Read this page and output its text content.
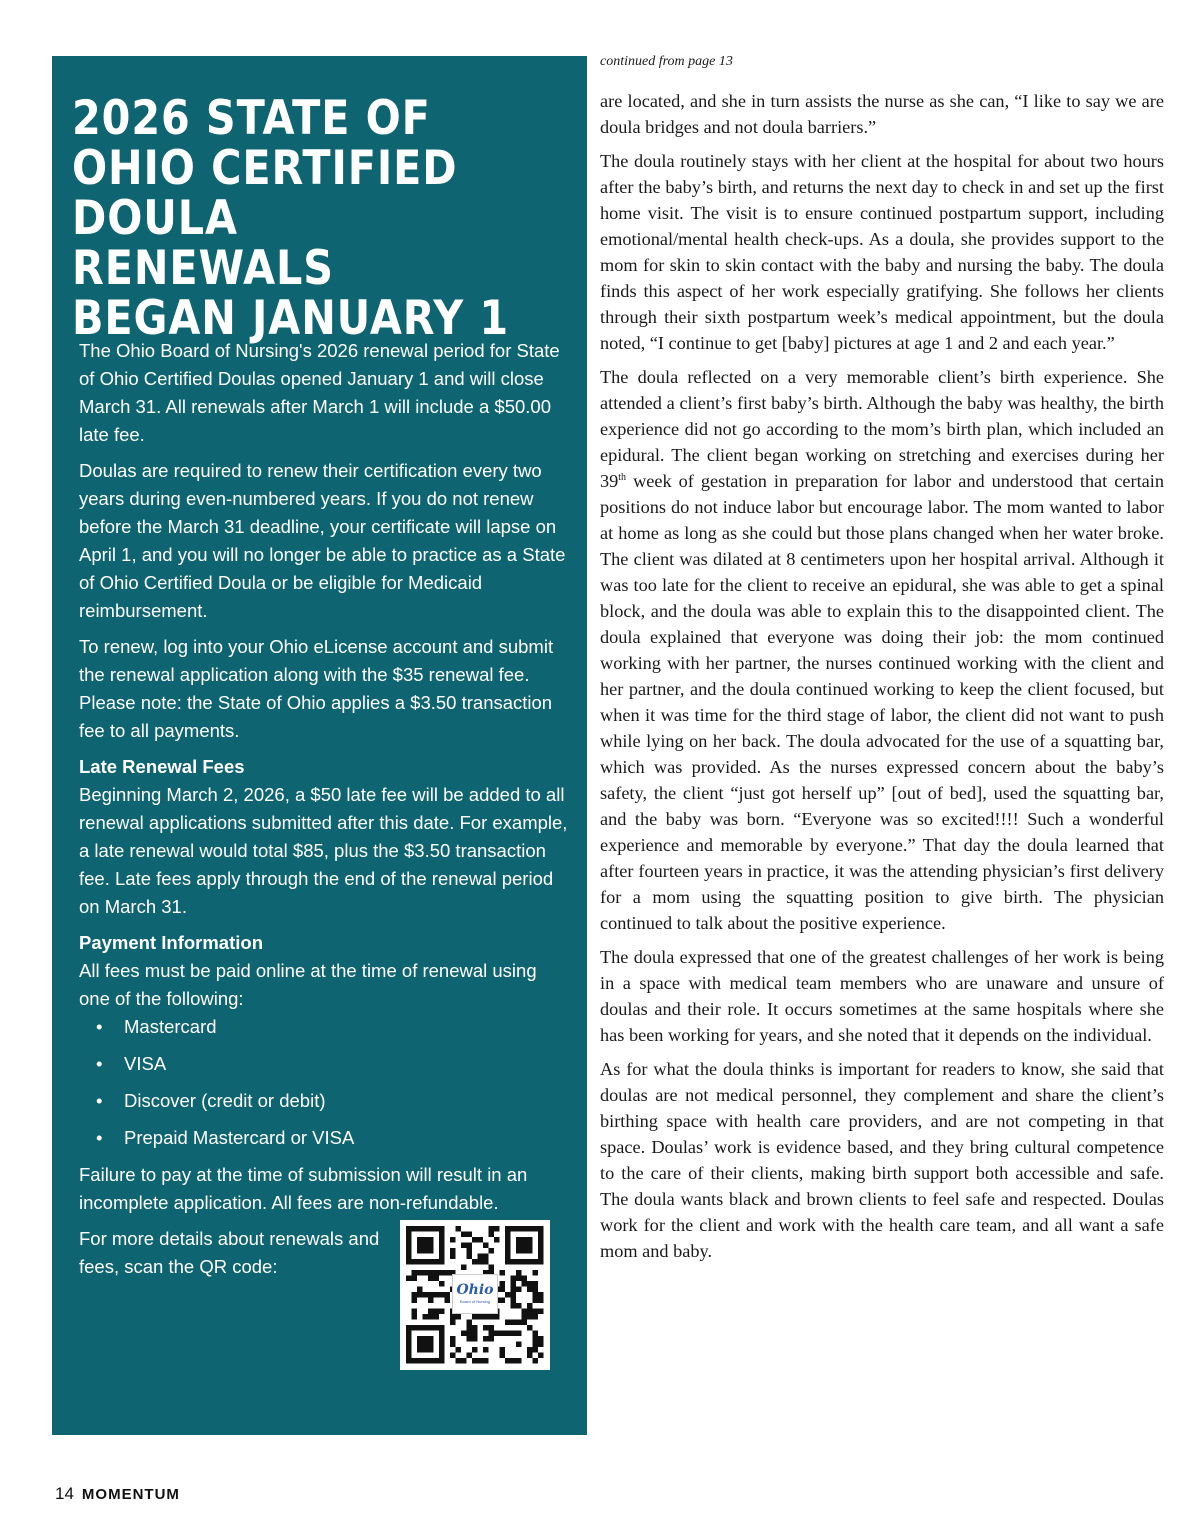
2026 STATE OF OHIO CERTIFIED DOULA RENEWALS BEGAN JANUARY 1

The Ohio Board of Nursing's 2026 renewal period for State of Ohio Certified Doulas opened January 1 and will close March 31. All renewals after March 1 will include a $50.00 late fee.

Doulas are required to renew their certification every two years during even-numbered years. If you do not renew before the March 31 deadline, your certificate will lapse on April 1, and you will no longer be able to practice as a State of Ohio Certified Doula or be eligible for Medicaid reimbursement.

To renew, log into your Ohio eLicense account and submit the renewal application along with the $35 renewal fee. Please note: the State of Ohio applies a $3.50 transaction fee to all payments.

Late Renewal Fees

Beginning March 2, 2026, a $50 late fee will be added to all renewal applications submitted after this date. For example, a late renewal would total $85, plus the $3.50 transaction fee. Late fees apply through the end of the renewal period on March 31.

Payment Information

All fees must be paid online at the time of renewal using one of the following:

• Mastercard
• VISA
• Discover (credit or debit)
• Prepaid Mastercard or VISA

Failure to pay at the time of submission will result in an incomplete application. All fees are non-refundable.

For more details about renewals and fees, scan the QR code:
Ohio
Board of Nursing
continued from page 13

are located, and she in turn assists the nurse as she can, “I like to say we are doula bridges and not doula barriers.”

The doula routinely stays with her client at the hospital for about two hours after the baby’s birth, and returns the next day to check in and set up the first home visit. The visit is to ensure continued postpartum support, including emotional/mental health check-ups. As a doula, she provides support to the mom for skin to skin contact with the baby and nursing the baby. The doula finds this aspect of her work especially gratifying. She follows her clients through their sixth postpartum week’s medical appointment, but the doula noted, “I continue to get [baby] pictures at age 1 and 2 and each year.”

The doula reflected on a very memorable client’s birth experience. She attended a client’s first baby’s birth. Although the baby was healthy, the birth experience did not go according to the mom’s birth plan, which included an epidural. The client began working on stretching and exercises during her 39th week of gestation in preparation for labor and understood that certain positions do not induce labor but encourage labor. The mom wanted to labor at home as long as she could but those plans changed when her water broke. The client was dilated at 8 centimeters upon her hospital arrival. Although it was too late for the client to receive an epidural, she was able to get a spinal block, and the doula was able to explain this to the disappointed client. The doula explained that everyone was doing their job: the mom continued working with her partner, the nurses continued working with the client and her partner, and the doula continued working to keep the client focused, but when it was time for the third stage of labor, the client did not want to push while lying on her back. The doula advocated for the use of a squatting bar, which was provided. As the nurses expressed concern about the baby’s safety, the client “just got herself up” [out of bed], used the squatting bar, and the baby was born. “Everyone was so excited!!!! Such a wonderful experience and memorable by everyone.” That day the doula learned that after fourteen years in practice, it was the attending physician’s first delivery for a mom using the squatting position to give birth. The physician continued to talk about the positive experience.

The doula expressed that one of the greatest challenges of her work is being in a space with medical team members who are unaware and unsure of doulas and their role. It occurs sometimes at the same hospitals where she has been working for years, and she noted that it depends on the individual.

As for what the doula thinks is important for readers to know, she said that doulas are not medical personnel, they complement and share the client’s birthing space with health care providers, and are not competing in that space. Doulas’ work is evidence based, and they bring cultural competence to the care of their clients, making birth support both accessible and safe. The doula wants black and brown clients to feel safe and respected. Doulas work for the client and work with the health care team, and all want a safe mom and baby.

14 MOMENTUM
